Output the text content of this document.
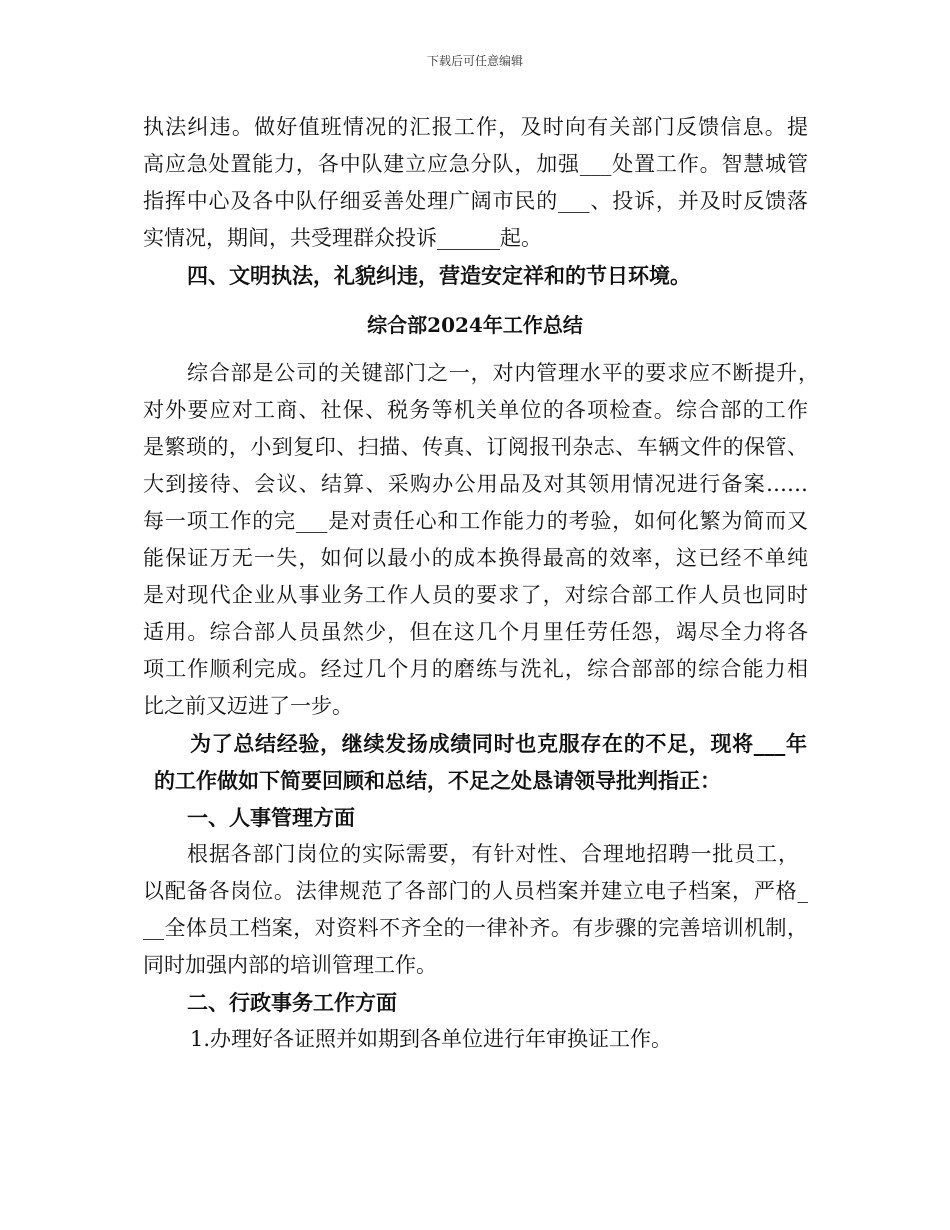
下载后可任意编辑
执法纠违。做好值班情况的汇报工作，及时向有关部门反馈信息。提
高应急处置能力，各中队建立应急分队，加强___处置工作。智慧城管
指挥中心及各中队仔细妥善处理广阔市民的___、投诉，并及时反馈落
实情况，期间，共受理群众投诉______起。
四、文明执法，礼貌纠违，营造安定祥和的节日环境。
综合部2024年工作总结
综合部是公司的关键部门之一，对内管理水平的要求应不断提升，
对外要应对工商、社保、税务等机关单位的各项检查。综合部的工作
是繁琐的，小到复印、扫描、传真、订阅报刊杂志、车辆文件的保管、
大到接待、会议、结算、采购办公用品及对其领用情况进行备案……
每一项工作的完___是对责任心和工作能力的考验，如何化繁为简而又
能保证万无一失，如何以最小的成本换得最高的效率，这已经不单纯
是对现代企业从事业务工作人员的要求了，对综合部工作人员也同时
适用。综合部人员虽然少，但在这几个月里任劳任怨，竭尽全力将各
项工作顺利完成。经过几个月的磨练与洗礼，综合部部的综合能力相
比之前又迈进了一步。
为了总结经验，继续发扬成绩同时也克服存在的不足，现将___年
的工作做如下简要回顾和总结，不足之处恳请领导批判指正：
一、人事管理方面
根据各部门岗位的实际需要，有针对性、合理地招聘一批员工，
以配备各岗位。法律规范了各部门的人员档案并建立电子档案，严格_
__全体员工档案，对资料不齐全的一律补齐。有步骤的完善培训机制，
同时加强内部的培训管理工作。
二、行政事务工作方面
1.办理好各证照并如期到各单位进行年审换证工作。
